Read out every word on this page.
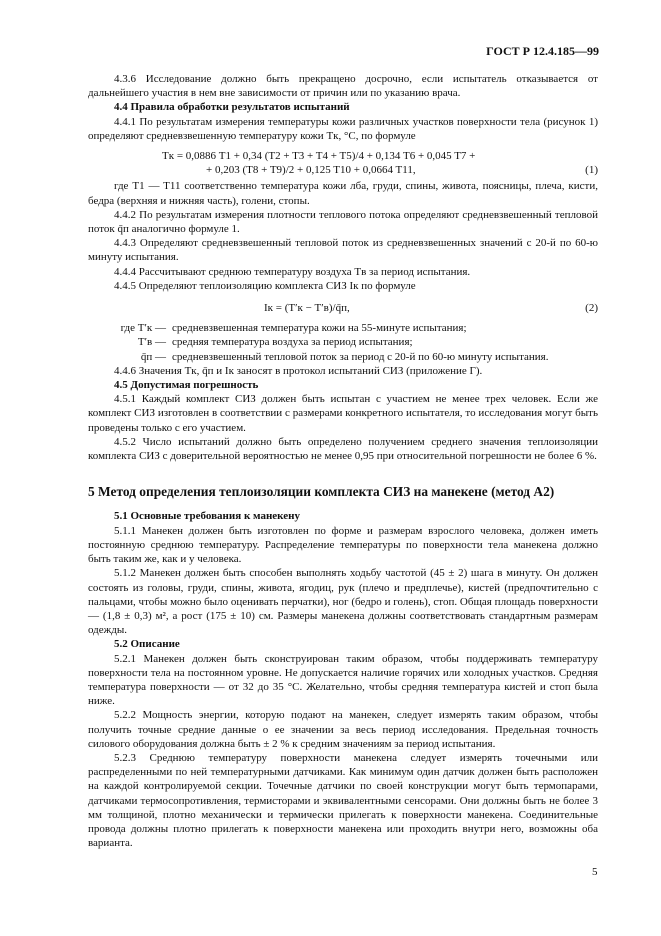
ГОСТ Р 12.4.185—99

4.3.6 Исследование должно быть прекращено досрочно, если испытатель отказывается от дальнейшего участия в нем вне зависимости от причин или по указанию врача.

4.4 Правила обработки результатов испытаний

4.4.1 По результатам измерения температуры кожи различных участков поверхности тела (рисунок 1) определяют средневзвешенную температуру кожи Tк, °С, по формуле

Tк = 0,0886 T1 + 0,34 (T2 + T3 + T4 + T5)/4 + 0,134 T6 + 0,045 T7 +
+ 0,203 (T8 + T9)/2 + 0,125 T10 + 0,0664 T11,	(1)

где T1 — T11 соответственно температура кожи лба, груди, спины, живота, поясницы, плеча, кисти, бедра (верхняя и нижняя часть), голени, стопы.

4.4.2 По результатам измерения плотности теплового потока определяют средневзвешенный тепловой поток q̄п аналогично формуле 1.

4.4.3 Определяют средневзвешенный тепловой поток из средневзвешенных значений с 20-й по 60-ю минуту испытания.

4.4.4 Рассчитывают среднюю температуру воздуха Tв за период испытания.

4.4.5 Определяют теплоизоляцию комплекта СИЗ Iк по формуле

Iк = (T′к − T′в)/q̄п,	(2)
где T′к — средневзвешенная температура кожи на 55-минуте испытания;
T′в — средняя температура воздуха за период испытания;
q̄п — средневзвешенный тепловой поток за период с 20-й по 60-ю минуту испытания.

4.4.6 Значения Tк, q̄п и Iк заносят в протокол испытаний СИЗ (приложение Г).

4.5 Допустимая погрешность

4.5.1 Каждый комплект СИЗ должен быть испытан с участием не менее трех человек. Если же комплект СИЗ изготовлен в соответствии с размерами конкретного испытателя, то исследования могут быть проведены только с его участием.

4.5.2 Число испытаний должно быть определено получением среднего значения теплоизоляции комплекта СИЗ с доверительной вероятностью не менее 0,95 при относительной погрешности не более 6 %.

5 Метод определения теплоизоляции комплекта СИЗ на манекене (метод А2)

5.1 Основные требования к манекену

5.1.1 Манекен должен быть изготовлен по форме и размерам взрослого человека, должен иметь постоянную среднюю температуру. Распределение температуры по поверхности тела манекена должно быть таким же, как и у человека.

5.1.2 Манекен должен быть способен выполнять ходьбу частотой (45 ± 2) шага в минуту. Он должен состоять из головы, груди, спины, живота, ягодиц, рук (плечо и предплечье), кистей (предпочтительно с пальцами, чтобы можно было оценивать перчатки), ног (бедро и голень), стоп. Общая площадь поверхности — (1,8 ± 0,3) м², а рост (175 ± 10) см. Размеры манекена должны соответствовать стандартным размерам одежды.

5.2 Описание

5.2.1 Манекен должен быть сконструирован таким образом, чтобы поддерживать температуру поверхности тела на постоянном уровне. Не допускается наличие горячих или холодных участков. Средняя температура поверхности — от 32 до 35 °С. Желательно, чтобы средняя температура кистей и стоп была ниже.

5.2.2 Мощность энергии, которую подают на манекен, следует измерять таким образом, чтобы получить точные средние данные о ее значении за весь период исследования. Предельная точность силового оборудования должна быть ± 2 % к средним значениям за период испытания.

5.2.3 Среднюю температуру поверхности манекена следует измерять точечными или распределенными по ней температурными датчиками. Как минимум один датчик должен быть расположен на каждой контролируемой секции. Точечные датчики по своей конструкции могут быть термопарами, датчиками термосопротивления, термисторами и эквивалентными сенсорами. Они должны быть не более 3 мм толщиной, плотно механически и термически прилегать к поверхности манекена. Соединительные провода должны плотно прилегать к поверхности манекена или проходить внутри него, возможны оба варианта.

5
